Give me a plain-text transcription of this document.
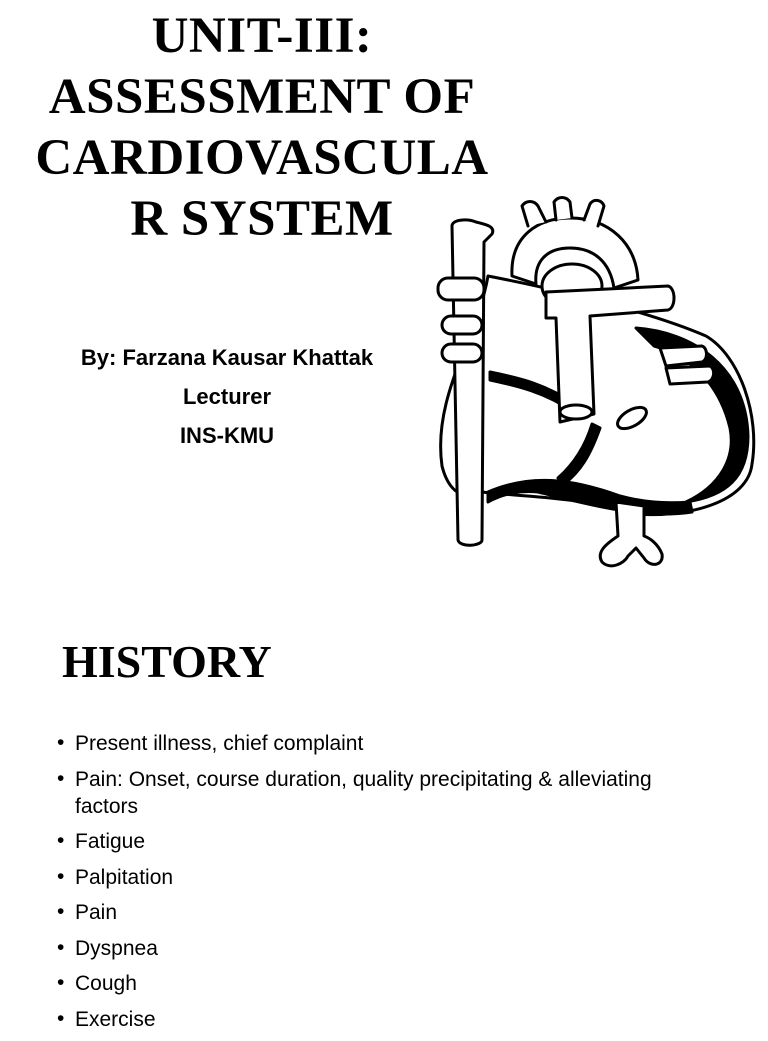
UNIT-III:
ASSESSMENT OF
CARDIOVASCULA
R SYSTEM
By: Farzana Kausar Khattak
Lecturer
INS-KMU
HISTORY
• Present illness, chief complaint
• Pain: Onset, course duration, quality precipitating & alleviating factors
• Fatigue
• Palpitation
• Pain
• Dyspnea
• Cough
• Exercise
